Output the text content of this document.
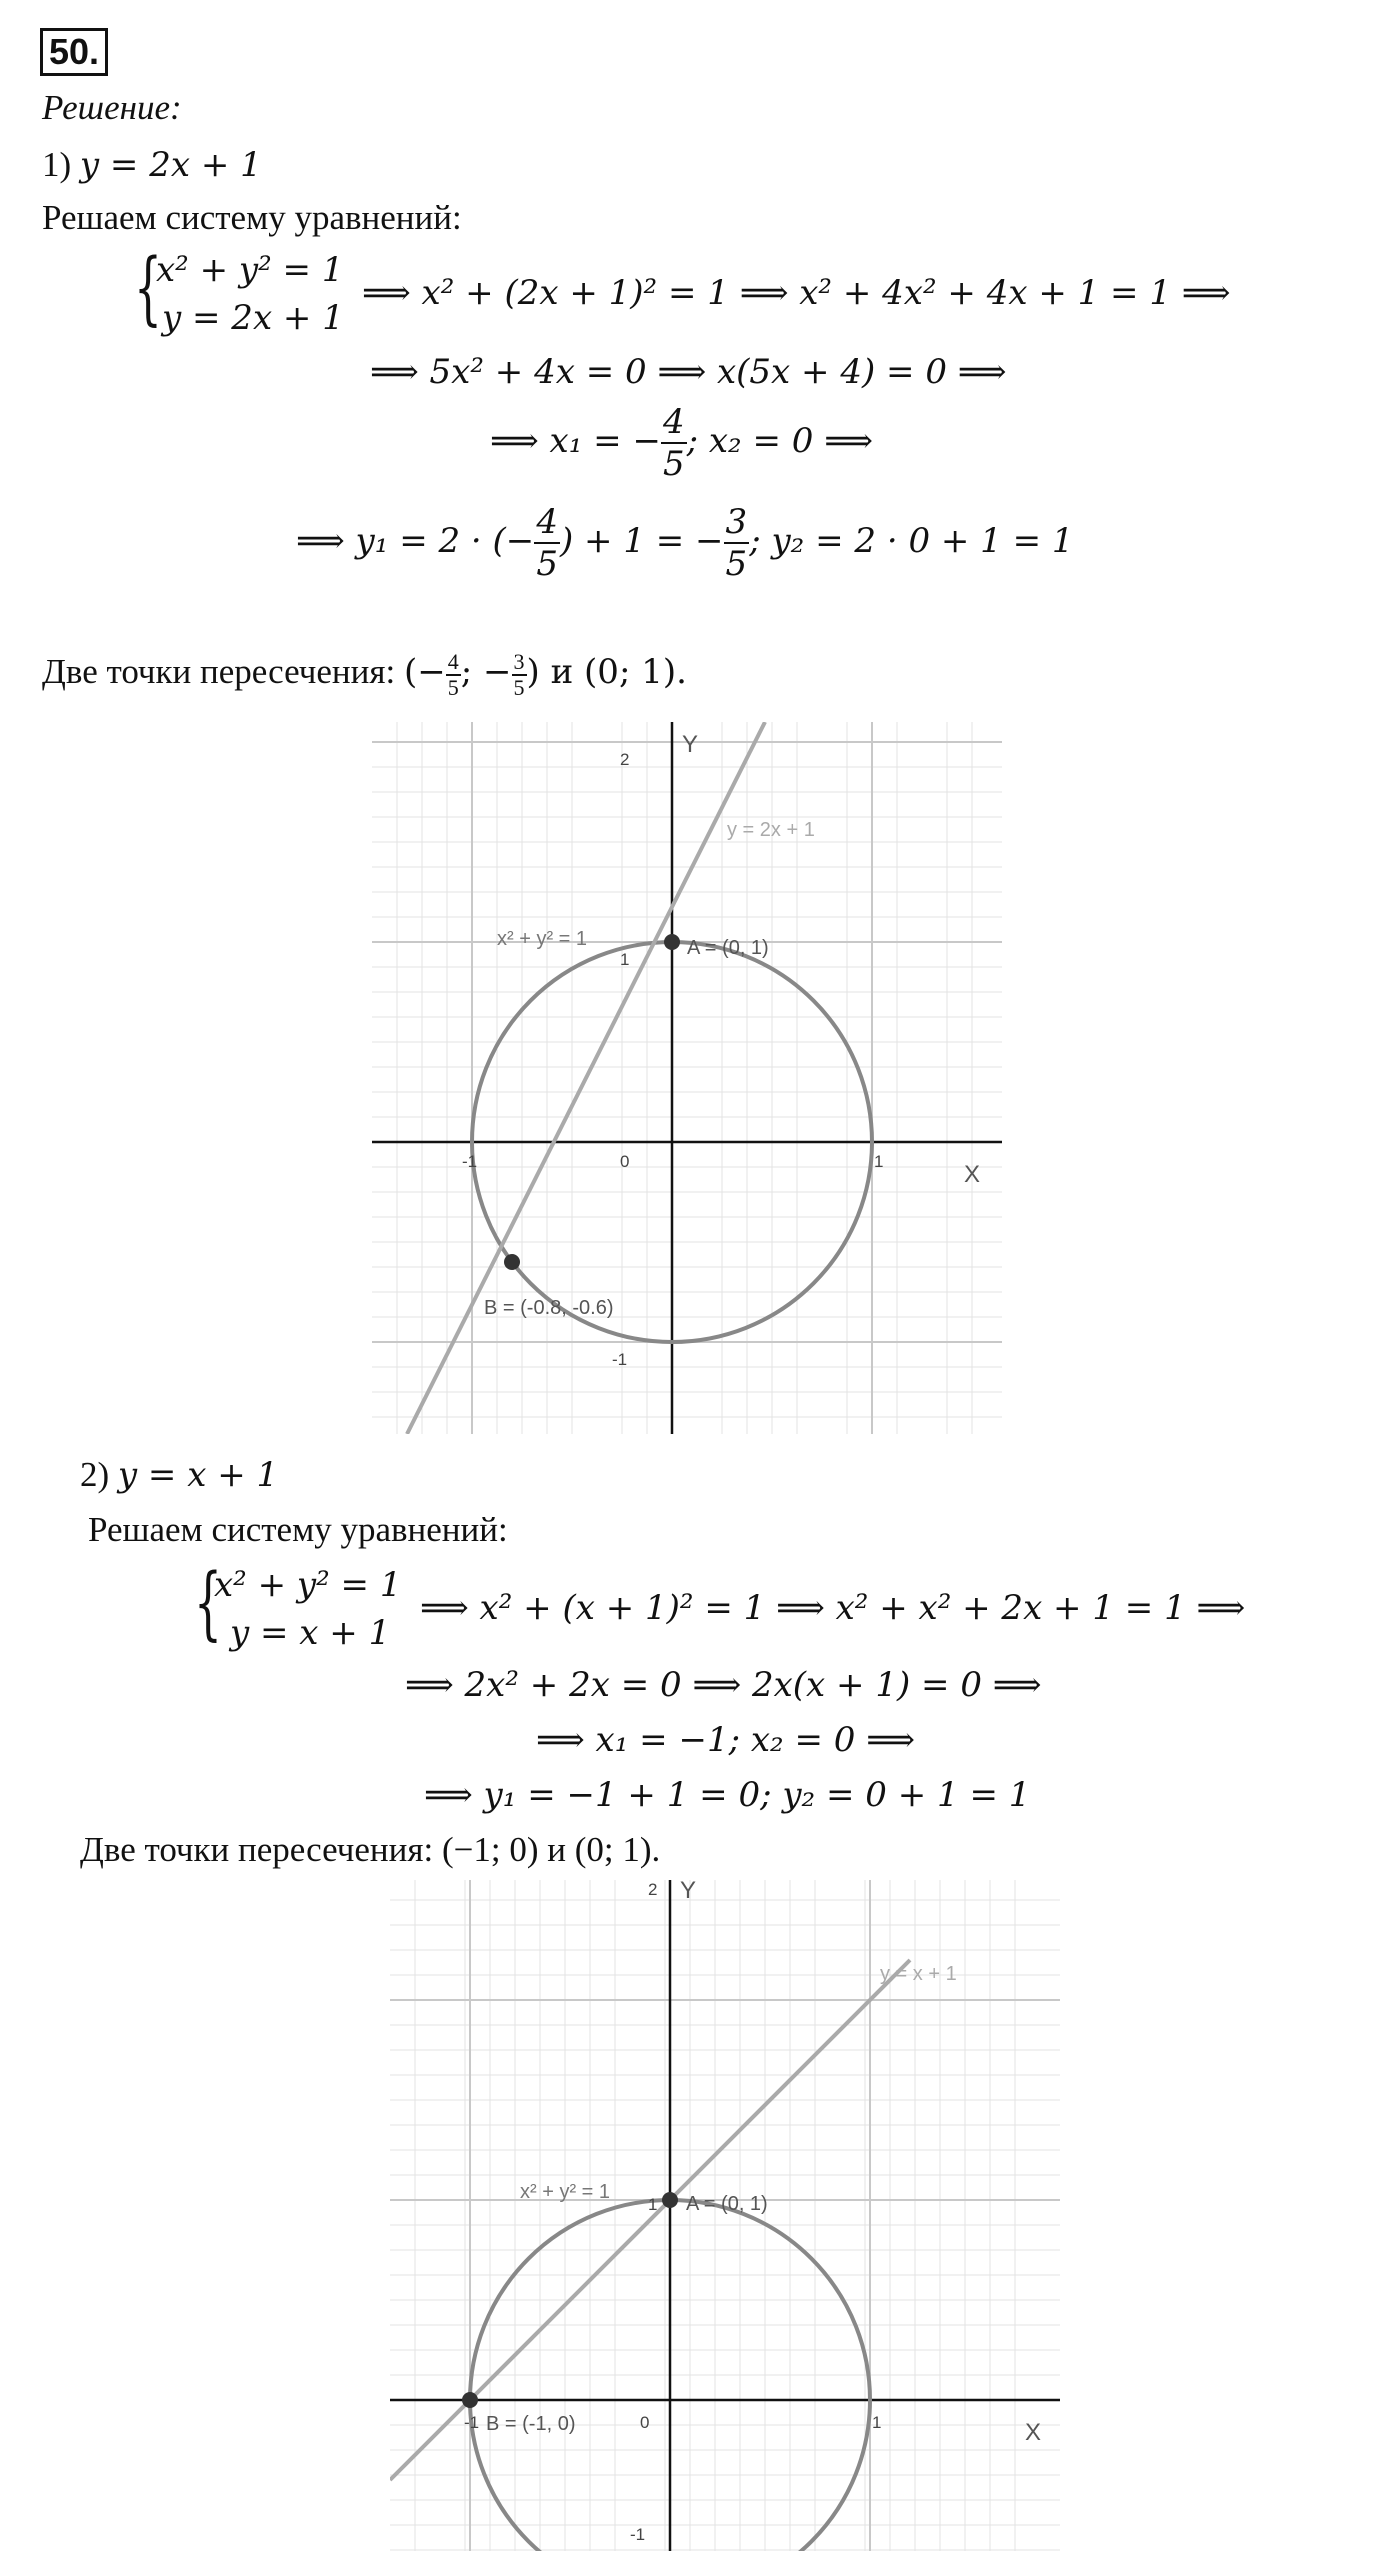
50.
Решение:
1) y = 2x + 1
Решаем систему уравнений:
{
x² + y² = 1
y = 2x + 1
⟹ x² + (2x + 1)² = 1 ⟹ x² + 4x² + 4x + 1 = 1 ⟹
⟹ 5x² + 4x = 0 ⟹ x(5x + 4) = 0 ⟹
⟹ x₁ = − $\frac{4}{5}$ ; x₂ = 0 ⟹
⟹ y₁ = 2 · (− $\frac{4}{5}$ ) + 1 = − $\frac{3}{5}$ ; y₂ = 2 · 0 + 1 = 1
Две точки пересечения: (− $\frac{4}{5}$ ; − $\frac{3}{5}$ ) и (0; 1).
Y
X
y = 2x + 1
x² + y² = 1	A = (0, 1)
B = (-0.8, -0.6)
2
1
-1
0	1
-1
2) y = x + 1
Решаем систему уравнений:
{
x² + y² = 1
y = x + 1
⟹ x² + (x + 1)² = 1 ⟹ x² + x² + 2x + 1 = 1 ⟹
⟹ 2x² + 2x = 0 ⟹ 2x(x + 1) = 0 ⟹
⟹ x₁ = −1; x₂ = 0 ⟹
⟹ y₁ = −1 + 1 = 0; y₂ = 0 + 1 = 1
Две точки пересечения: (−1; 0) и (0; 1).
Y
X
y = x + 1
x² + y² = 1
A = (0, 1)
B = (-1, 0)
2
1
-1
0	1
-1
